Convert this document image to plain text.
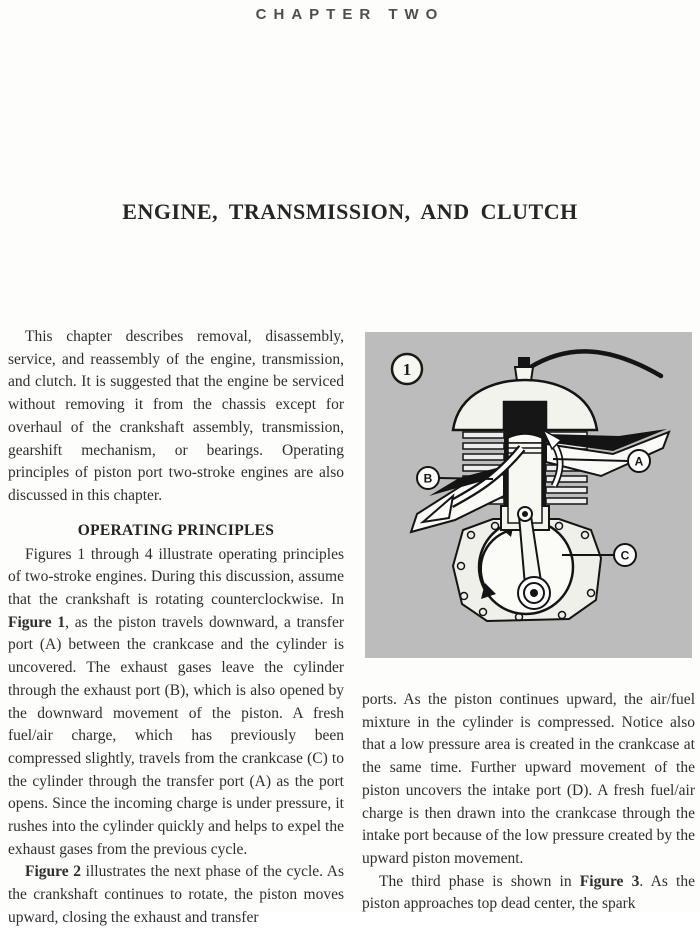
CHAPTER TWO
ENGINE, TRANSMISSION, AND CLUTCH

This chapter describes removal, disassembly, service, and reassembly of the engine, transmission, and clutch. It is suggested that the engine be serviced without removing it from the chassis except for overhaul of the crankshaft assembly, transmission, gearshift mechanism, or bearings. Operating principles of piston port two-stroke engines are also discussed in this chapter.

OPERATING PRINCIPLES

Figures 1 through 4 illustrate operating principles of two-stroke engines. During this discussion, assume that the crankshaft is rotating counterclockwise. In Figure 1, as the piston travels downward, a transfer port (A) between the crankcase and the cylinder is uncovered. The exhaust gases leave the cylinder through the exhaust port (B), which is also opened by the downward movement of the piston. A fresh fuel/air charge, which has previously been compressed slightly, travels from the crankcase (C) to the cylinder through the transfer port (A) as the port opens. Since the incoming charge is under pressure, it rushes into the cylinder quickly and helps to expel the exhaust gases from the previous cycle.

Figure 2 illustrates the next phase of the cycle. As the crankshaft continues to rotate, the piston moves upward, closing the exhaust and transfer

B
A
C
1

ports. As the piston continues upward, the air/fuel mixture in the cylinder is compressed. Notice also that a low pressure area is created in the crankcase at the same time. Further upward movement of the piston uncovers the intake port (D). A fresh fuel/air charge is then drawn into the crankcase through the intake port because of the low pressure created by the upward piston movement.

The third phase is shown in Figure 3. As the piston approaches top dead center, the spark
